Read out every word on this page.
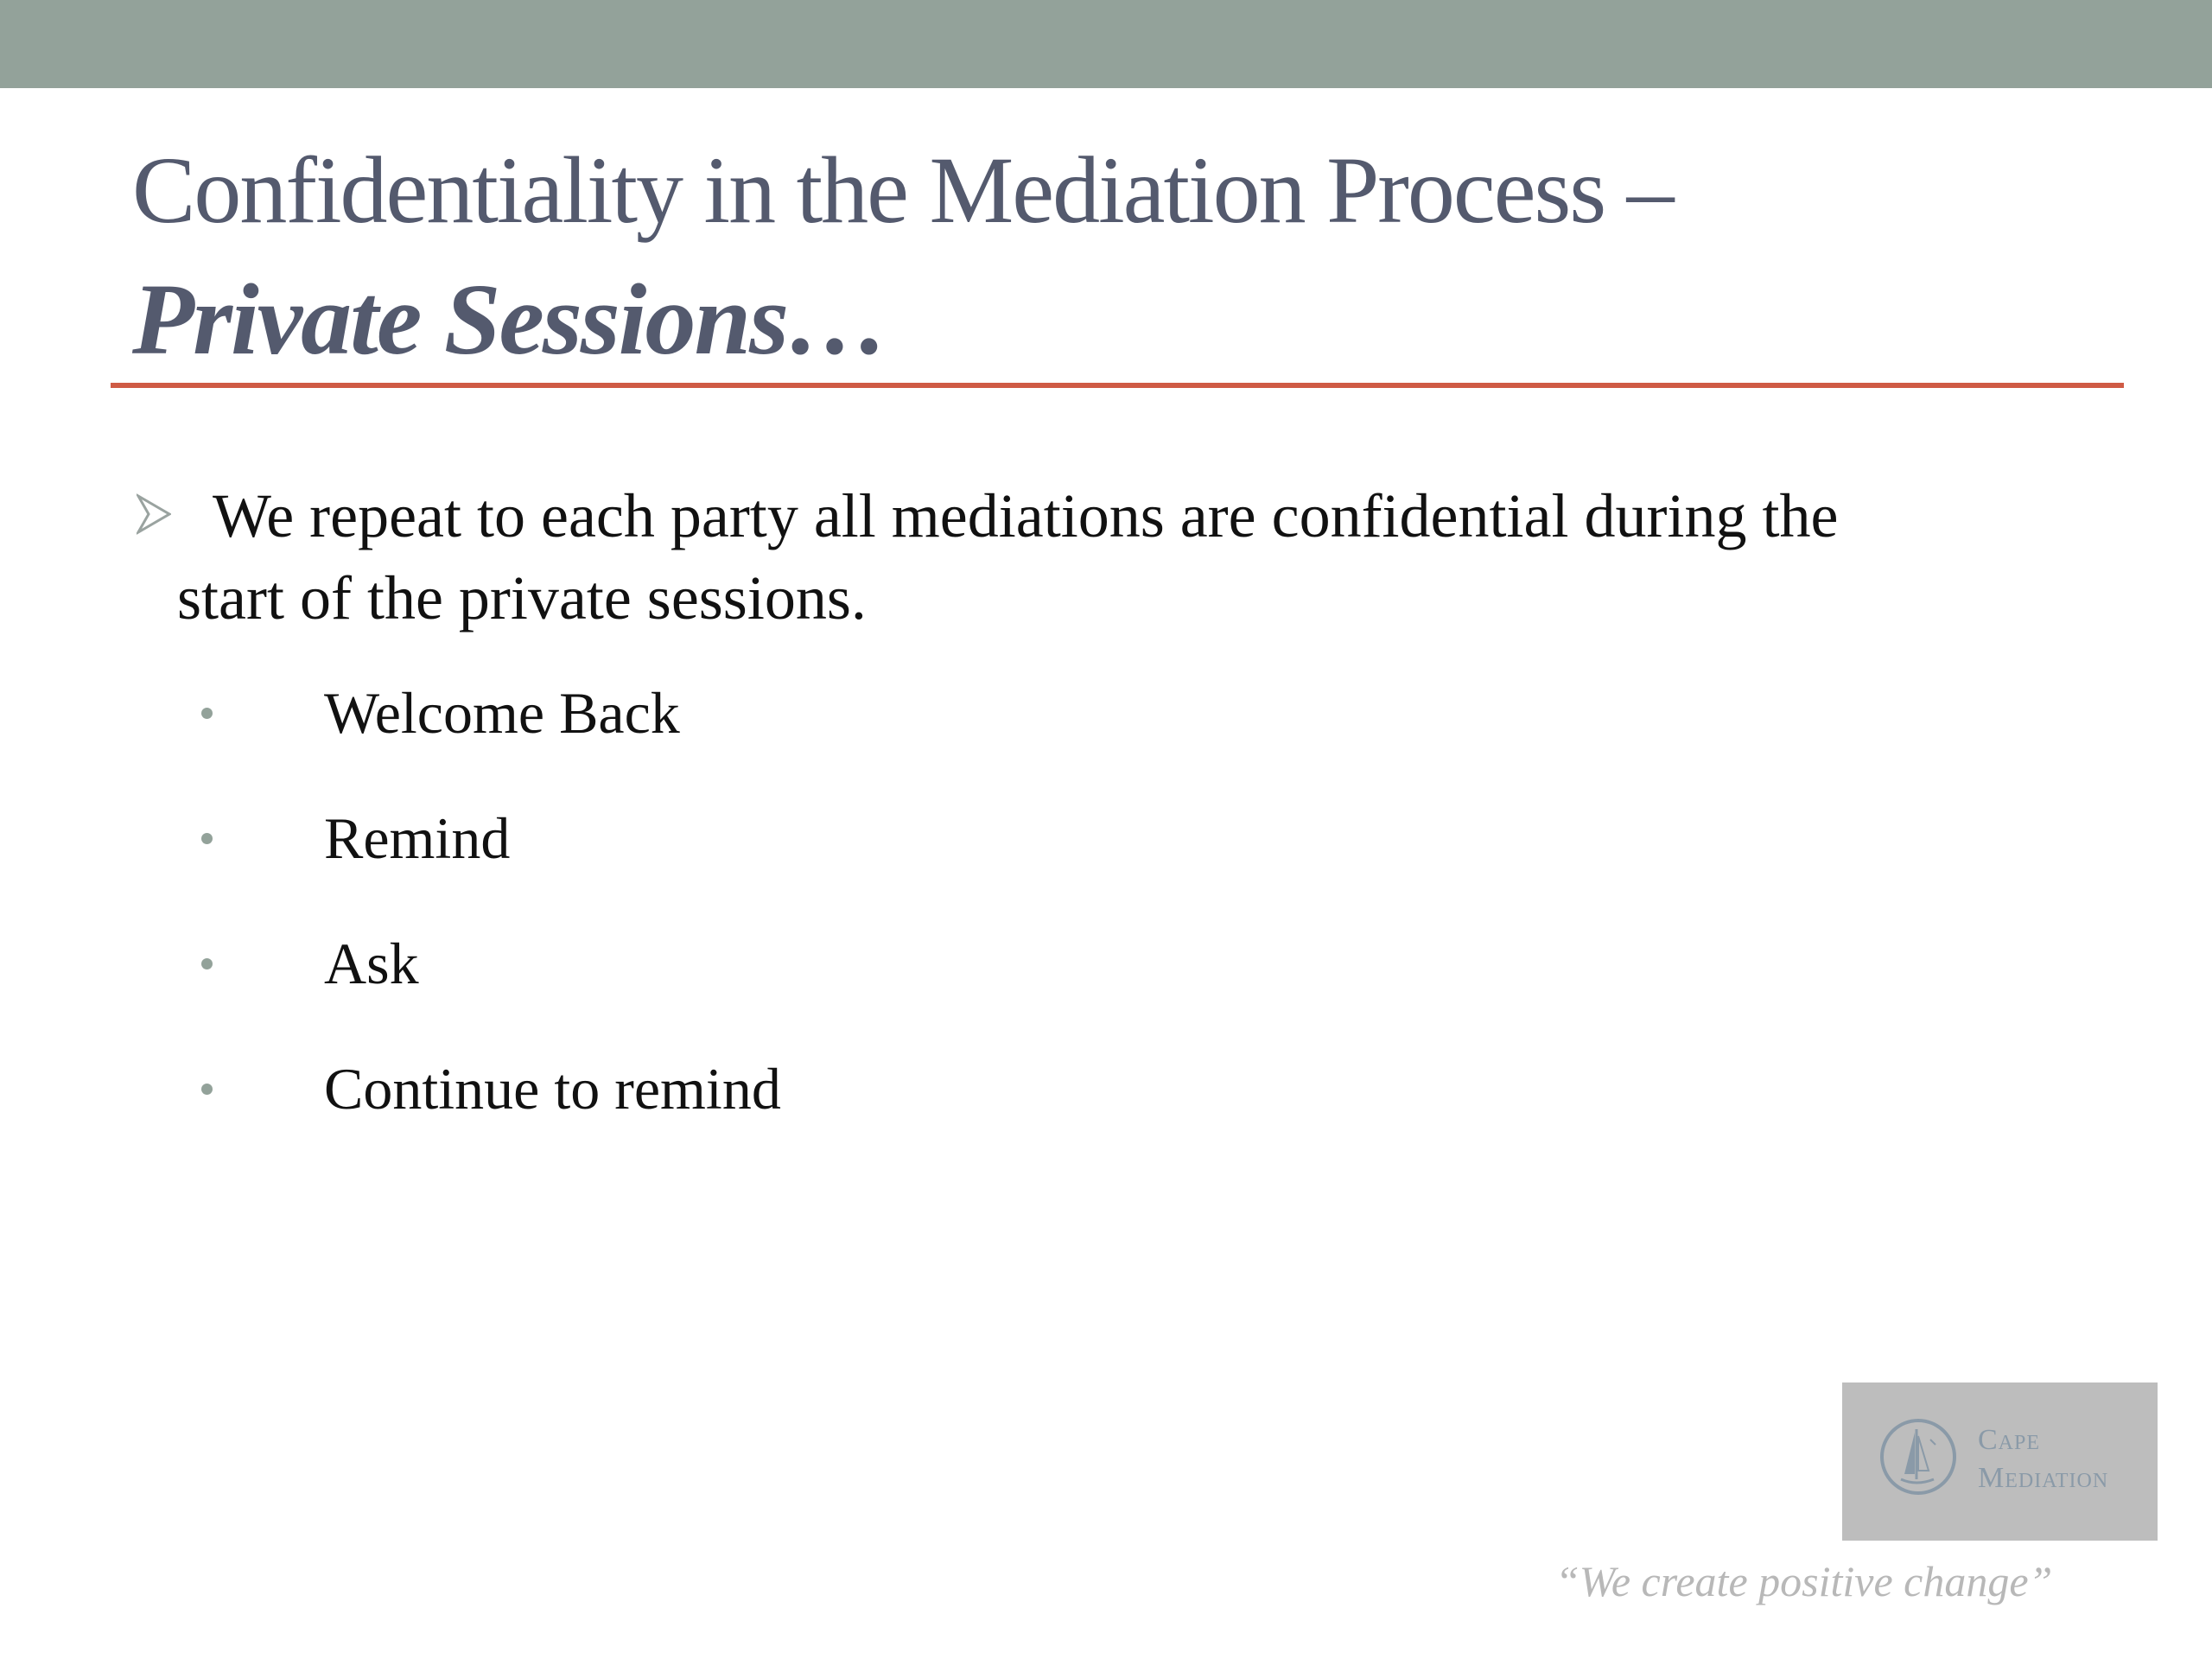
Confidentiality in the Mediation Process –
Private Sessions…
We repeat to each party all mediations are confidential during the
start of the private sessions.
Welcome Back
Remind
Ask
Continue to remind
Cape
Mediation
“We create positive change”
